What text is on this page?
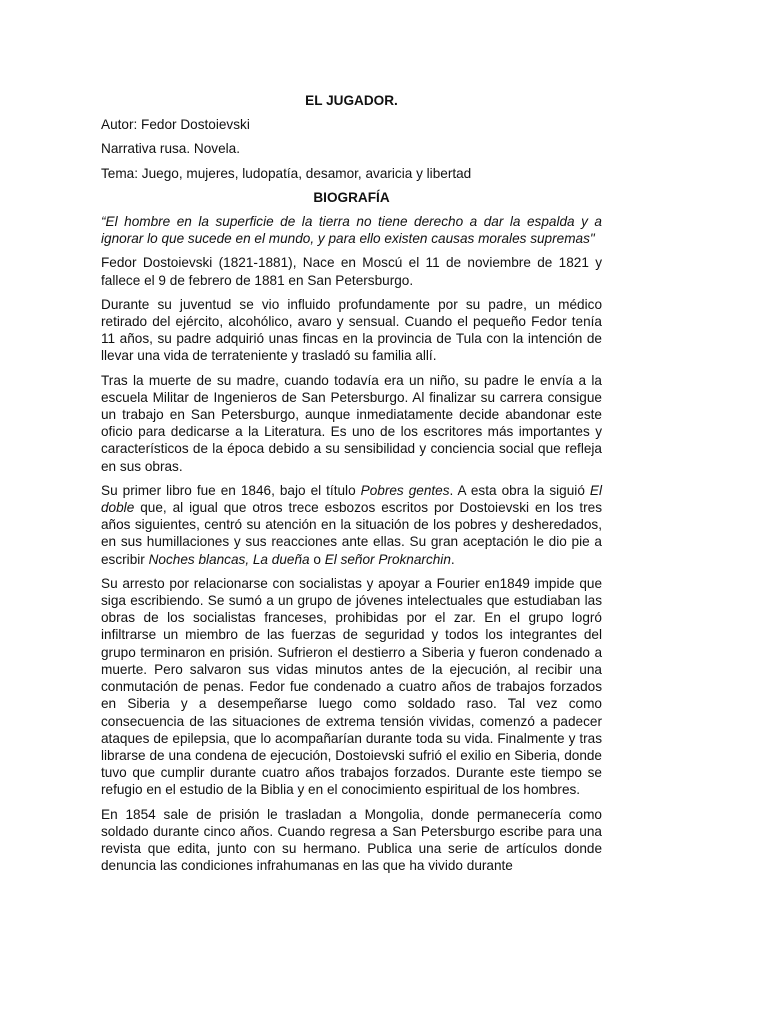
EL JUGADOR.

Autor: Fedor Dostoievski

Narrativa rusa. Novela.

Tema: Juego, mujeres, ludopatía, desamor, avaricia y libertad

BIOGRAFÍA

“El hombre en la superficie de la tierra no tiene derecho a dar la espalda y a ignorar lo que sucede en el mundo, y para ello existen causas morales supremas"

Fedor Dostoievski (1821-1881), Nace en Moscú el 11 de noviembre de 1821 y fallece el 9 de febrero de 1881 en San Petersburgo.

Durante su juventud se vio influido profundamente por su padre, un médico retirado del ejército, alcohólico, avaro y sensual. Cuando el pequeño Fedor tenía 11 años, su padre adquirió unas fincas en la provincia de Tula con la intención de llevar una vida de terrateniente y trasladó su familia allí.

Tras la muerte de su madre, cuando todavía era un niño, su padre le envía a la escuela Militar de Ingenieros de San Petersburgo. Al finalizar su carrera consigue un trabajo en San Petersburgo, aunque inmediatamente decide abandonar este oficio para dedicarse a la Literatura. Es uno de los escritores más importantes y característicos de la época debido a su sensibilidad y conciencia social que refleja en sus obras.

Su primer libro fue en 1846, bajo el título Pobres gentes. A esta obra la siguió El doble que, al igual que otros trece esbozos escritos por Dostoievski en los tres años siguientes, centró su atención en la situación de los pobres y desheredados, en sus humillaciones y sus reacciones ante ellas. Su gran aceptación le dio pie a escribir Noches blancas, La dueña o El señor Proknarchin.

Su arresto por relacionarse con socialistas y apoyar a Fourier en1849 impide que siga escribiendo. Se sumó a un grupo de jóvenes intelectuales que estudiaban las obras de los socialistas franceses, prohibidas por el zar. En el grupo logró infiltrarse un miembro de las fuerzas de seguridad y todos los integrantes del grupo terminaron en prisión. Sufrieron el destierro a Siberia y fueron condenado a muerte. Pero salvaron sus vidas minutos antes de la ejecución, al recibir una conmutación de penas. Fedor fue condenado a cuatro años de trabajos forzados en Siberia y a desempeñarse luego como soldado raso. Tal vez como consecuencia de las situaciones de extrema tensión vividas, comenzó a padecer ataques de epilepsia, que lo acompañarían durante toda su vida. Finalmente y tras librarse de una condena de ejecución, Dostoievski sufrió el exilio en Siberia, donde tuvo que cumplir durante cuatro años trabajos forzados. Durante este tiempo se refugio en el estudio de la Biblia y en el conocimiento espiritual de los hombres.

En 1854 sale de prisión le trasladan a Mongolia, donde permanecería como soldado durante cinco años. Cuando regresa a San Petersburgo escribe para una revista que edita, junto con su hermano. Publica una serie de artículos donde denuncia las condiciones infrahumanas en las que ha vivido durante
